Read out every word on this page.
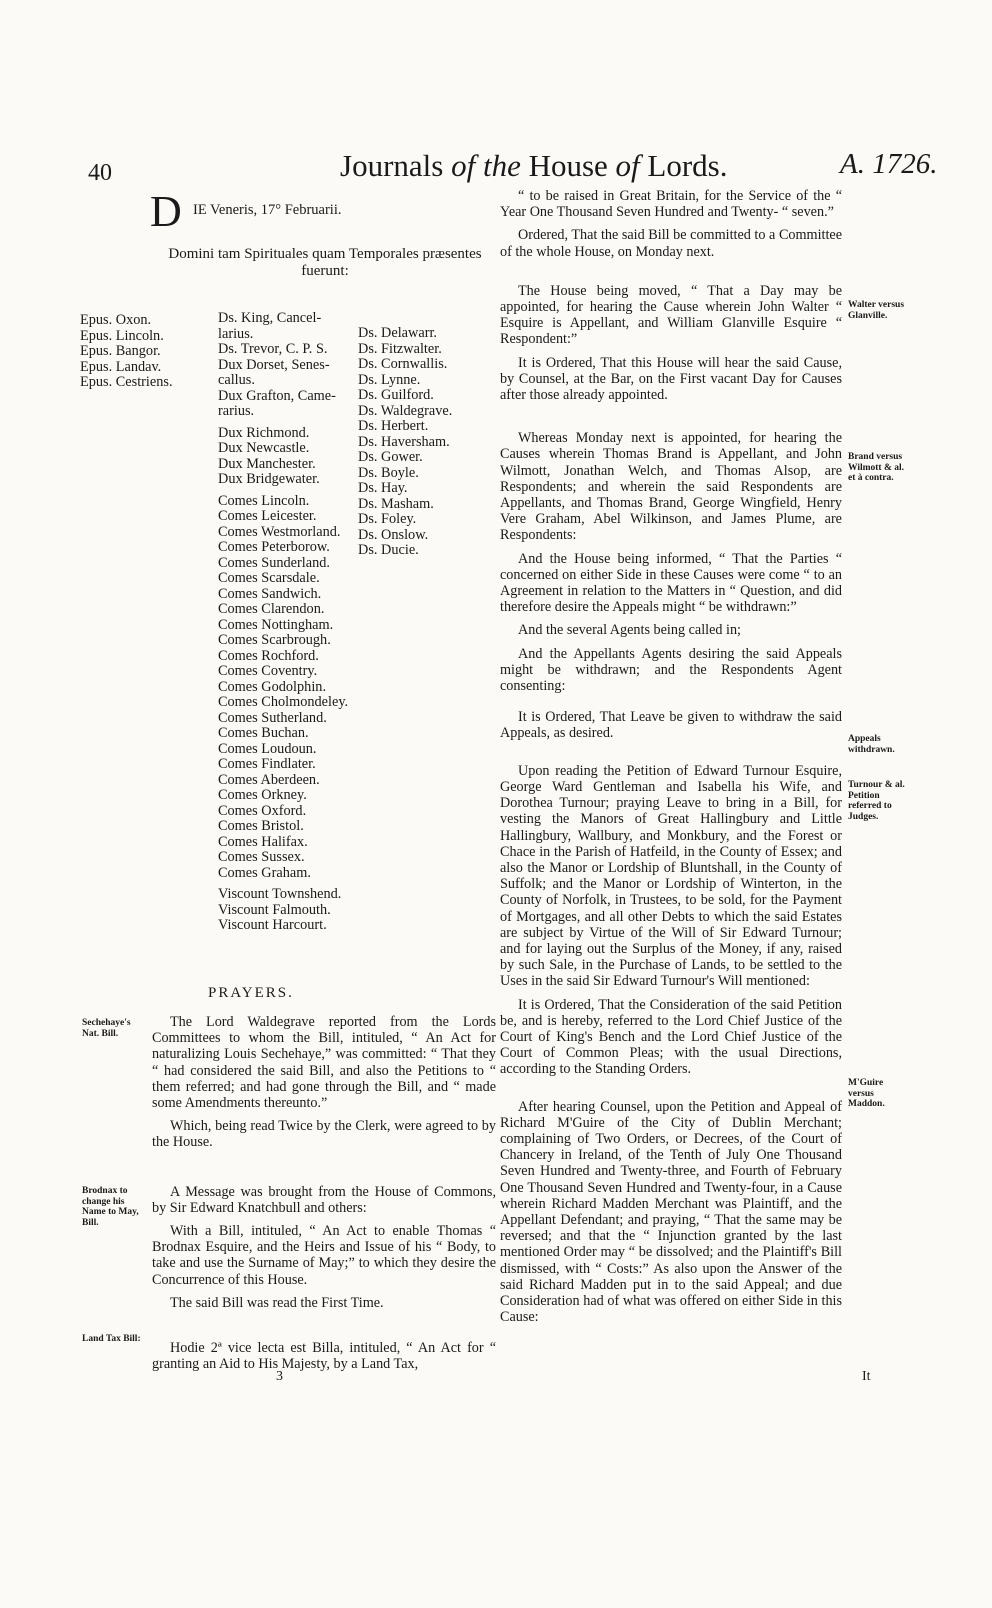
40	Journals of the House of Lords.	A. 1726.
D IE Veneris, 17° Februarii.
Domini tam Spirituales quam Temporales præsentes fuerunt:
Epus. Oxon.
Epus. Lincoln.
Epus. Bangor.
Epus. Landav.
Epus. Cestriens.
Ds. King, Cancel-
larius.
Ds. Trevor, C. P. S.
Dux Dorset, Senes-
callus.
Dux Grafton, Came-
rarius.

Dux Richmond.
Dux Newcastle.
Dux Manchester.
Dux Bridgewater.

Comes Lincoln.
Comes Leicester.
Comes Westmorland.
Comes Peterborow.
Comes Sunderland.
Comes Scarsdale.
Comes Sandwich.
Comes Clarendon.
Comes Nottingham.
Comes Scarbrough.
Comes Rochford.
Comes Coventry.
Comes Godolphin.
Comes Cholmondeley.
Comes Sutherland.
Comes Buchan.
Comes Loudoun.
Comes Findlater.
Comes Aberdeen.
Comes Orkney.
Comes Oxford.
Comes Bristol.
Comes Halifax.
Comes Sussex.
Comes Graham.

Viscount Townshend.
Viscount Falmouth.
Viscount Harcourt.
Ds. Delawarr.
Ds. Fitzwalter.
Ds. Cornwallis.
Ds. Lynne.
Ds. Guilford.
Ds. Waldegrave.
Ds. Herbert.
Ds. Haversham.
Ds. Gower.
Ds. Boyle.
Ds. Hay.
Ds. Masham.
Ds. Foley.
Ds. Onslow.
Ds. Ducie.
PRAYERS.

The Lord Waldegrave reported from the Lords Committees to whom the Bill, intituled, “ An Act for naturalizing Louis Sechehaye,” was committed: “ That they “ had considered the said Bill, and also the Petitions to “ them referred; and had gone through the Bill, and “ made some Amendments thereunto.”

Which, being read Twice by the Clerk, were agreed to by the House.

A Message was brought from the House of Commons, by Sir Edward Knatchbull and others:

With a Bill, intituled, “ An Act to enable Thomas “ Brodnax Esquire, and the Heirs and Issue of his “ Body, to take and use the Surname of May;” to which they desire the Concurrence of this House.

The said Bill was read the First Time.

Hodie 2ª vice lecta est Billa, intituled, “ An Act for “ granting an Aid to His Majesty, by a Land Tax,

“ to be raised in Great Britain, for the Service of the “ Year One Thousand Seven Hundred and Twenty- “ seven.”

Ordered, That the said Bill be committed to a Committee of the whole House, on Monday next.

The House being moved, “ That a Day may be appointed, for hearing the Cause wherein John Walter “ Esquire is Appellant, and William Glanville Esquire “ Respondent:”

It is Ordered, That this House will hear the said Cause, by Counsel, at the Bar, on the First vacant Day for Causes after those already appointed.

Whereas Monday next is appointed, for hearing the Causes wherein Thomas Brand is Appellant, and John Wilmott, Jonathan Welch, and Thomas Alsop, are Respondents; and wherein the said Respondents are Appellants, and Thomas Brand, George Wingfield, Henry Vere Graham, Abel Wilkinson, and James Plume, are Respondents:

And the House being informed, “ That the Parties “ concerned on either Side in these Causes were come “ to an Agreement in relation to the Matters in “ Question, and did therefore desire the Appeals might “ be withdrawn:”

And the several Agents being called in;

And the Appellants Agents desiring the said Appeals might be withdrawn; and the Respondents Agent consenting:

It is Ordered, That Leave be given to withdraw the said Appeals, as desired.

Upon reading the Petition of Edward Turnour Esquire, George Ward Gentleman and Isabella his Wife, and Dorothea Turnour; praying Leave to bring in a Bill, for vesting the Manors of Great Hallingbury and Little Hallingbury, Wallbury, and Monkbury, and the Forest or Chace in the Parish of Hatfeild, in the County of Essex; and also the Manor or Lordship of Bluntshall, in the County of Suffolk; and the Manor or Lordship of Winterton, in the County of Norfolk, in Trustees, to be sold, for the Payment of Mortgages, and all other Debts to which the said Estates are subject by Virtue of the Will of Sir Edward Turnour; and for laying out the Surplus of the Money, if any, raised by such Sale, in the Purchase of Lands, to be settled to the Uses in the said Sir Edward Turnour's Will mentioned:

It is Ordered, That the Consideration of the said Petition be, and is hereby, referred to the Lord Chief Justice of the Court of King's Bench and the Lord Chief Justice of the Court of Common Pleas; with the usual Directions, according to the Standing Orders.

After hearing Counsel, upon the Petition and Appeal of Richard M'Guire of the City of Dublin Merchant; complaining of Two Orders, or Decrees, of the Court of Chancery in Ireland, of the Tenth of July One Thousand Seven Hundred and Twenty-three, and Fourth of February One Thousand Seven Hundred and Twenty-four, in a Cause wherein Richard Madden Merchant was Plaintiff, and the Appellant Defendant; and praying, “ That the same may be reversed; and that the “ Injunction granted by the last mentioned Order may “ be dissolved; and the Plaintiff's Bill dismissed, with “ Costs:” As also upon the Answer of the said Richard Madden put in to the said Appeal; and due Consideration had of what was offered on either Side in this Cause:

Sechehaye's Nat. Bill.
Brodnax to change his Name to May, Bill.
Land Tax Bill:
Walter versus Glanville.
Brand versus Wilmott & al. et à contra.
Appeals withdrawn.
Turnour & al. Petition referred to Judges.
M'Guire versus Maddon.
3	It
